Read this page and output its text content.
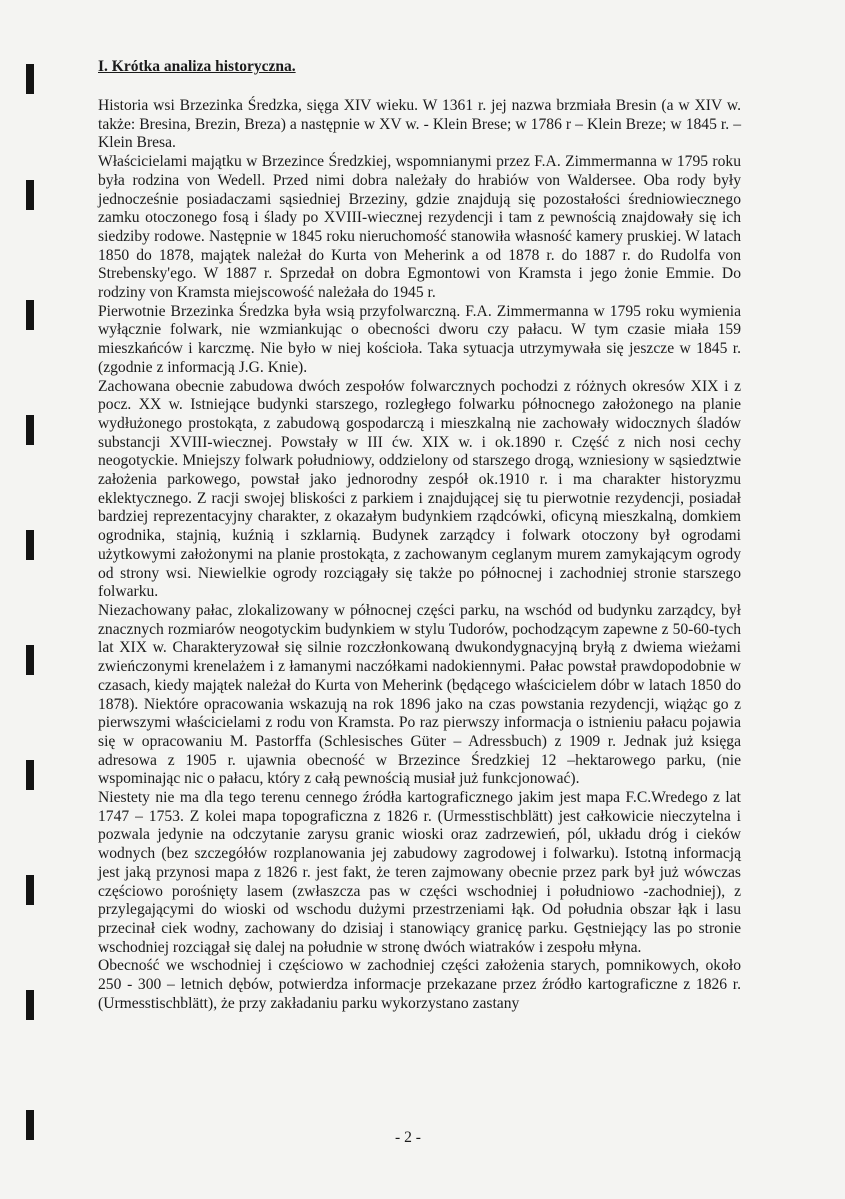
I. Krótka analiza historyczna.

Historia wsi Brzezinka Średzka, sięga XIV wieku. W 1361 r. jej nazwa brzmiała Bresin (a w XIV w. także: Bresina, Brezin, Breza) a następnie w XV w. - Klein Brese; w 1786 r – Klein Breze; w 1845 r. – Klein Bresa.

Właścicielami majątku w Brzezince Średzkiej, wspomnianymi przez F.A. Zimmermanna w 1795 roku była rodzina von Wedell. Przed nimi dobra należały do hrabiów von Waldersee. Oba rody były jednocześnie posiadaczami sąsiedniej Brzeziny, gdzie znajdują się pozostałości średniowiecznego zamku otoczonego fosą i ślady po XVIII-wiecznej rezydencji i tam z pewnością znajdowały się ich siedziby rodowe. Następnie w 1845 roku nieruchomość stanowiła własność kamery pruskiej. W latach 1850 do 1878, majątek należał do Kurta von Meherink a od 1878 r. do 1887 r. do Rudolfa von Strebensky'ego. W 1887 r. Sprzedał on dobra Egmontowi von Kramsta i jego żonie Emmie. Do rodziny von Kramsta miejscowość należała do 1945 r.

Pierwotnie Brzezinka Średzka była wsią przyfolwarczną. F.A. Zimmermanna w 1795 roku wymienia wyłącznie folwark, nie wzmiankując o obecności dworu czy pałacu. W tym czasie miała 159 mieszkańców i karczmę. Nie było w niej kościoła. Taka sytuacja utrzymywała się jeszcze w 1845 r. (zgodnie z informacją J.G. Knie).

Zachowana obecnie zabudowa dwóch zespołów folwarcznych pochodzi z różnych okresów XIX i z pocz. XX w. Istniejące budynki starszego, rozległego folwarku północnego założonego na planie wydłużonego prostokąta, z zabudową gospodarczą i mieszkalną nie zachowały widocznych śladów substancji XVIII-wiecznej. Powstały w III ćw. XIX w. i ok.1890 r. Część z nich nosi cechy neogotyckie. Mniejszy folwark południowy, oddzielony od starszego drogą, wzniesiony w sąsiedztwie założenia parkowego, powstał jako jednorodny zespół ok.1910 r. i ma charakter historyzmu eklektycznego. Z racji swojej bliskości z parkiem i znajdującej się tu pierwotnie rezydencji, posiadał bardziej reprezentacyjny charakter, z okazałym budynkiem rządcówki, oficyną mieszkalną, domkiem ogrodnika, stajnią, kuźnią i szklarnią. Budynek zarządcy i folwark otoczony był ogrodami użytkowymi założonymi na planie prostokąta, z zachowanym ceglanym murem zamykającym ogrody od strony wsi. Niewielkie ogrody rozciągały się także po północnej i zachodniej stronie starszego folwarku.

Niezachowany pałac, zlokalizowany w północnej części parku, na wschód od budynku zarządcy, był znacznych rozmiarów neogotyckim budynkiem w stylu Tudorów, pochodzącym zapewne z 50-60-tych lat XIX w. Charakteryzował się silnie rozczłonkowaną dwukondygnacyjną bryłą z dwiema wieżami zwieńczonymi krenelażem i z łamanymi naczółkami nadokiennymi. Pałac powstał prawdopodobnie w czasach, kiedy majątek należał do Kurta von Meherink (będącego właścicielem dóbr w latach 1850 do 1878). Niektóre opracowania wskazują na rok 1896 jako na czas powstania rezydencji, wiążąc go z pierwszymi właścicielami z rodu von Kramsta. Po raz pierwszy informacja o istnieniu pałacu pojawia się w opracowaniu M. Pastorffa (Schlesisches Güter – Adressbuch) z 1909 r. Jednak już księga adresowa z 1905 r. ujawnia obecność w Brzezince Średzkiej 12 –hektarowego parku, (nie wspominając nic o pałacu, który z całą pewnością musiał już funkcjonować).

Niestety nie ma dla tego terenu cennego źródła kartograficznego jakim jest mapa F.C.Wredego z lat 1747 – 1753. Z kolei mapa topograficzna z 1826 r. (Urmesstischblätt) jest całkowicie nieczytelna i pozwala jedynie na odczytanie zarysu granic wioski oraz zadrzewień, pól, układu dróg i cieków wodnych (bez szczegółów rozplanowania jej zabudowy zagrodowej i folwarku). Istotną informacją jest jaką przynosi mapa z 1826 r. jest fakt, że teren zajmowany obecnie przez park był już wówczas częściowo porośnięty lasem (zwłaszcza pas w części wschodniej i południowo -zachodniej), z przylegającymi do wioski od wschodu dużymi przestrzeniami łąk. Od południa obszar łąk i lasu przecinał ciek wodny, zachowany do dzisiaj i stanowiący granicę parku. Gęstniejący las po stronie wschodniej rozciągał się dalej na południe w stronę dwóch wiatraków i zespołu młyna.

Obecność we wschodniej i częściowo w zachodniej części założenia starych, pomnikowych, około 250 - 300 – letnich dębów, potwierdza informacje przekazane przez źródło kartograficzne z 1826 r. (Urmesstischblätt), że przy zakładaniu parku wykorzystano zastany

- 2 -
